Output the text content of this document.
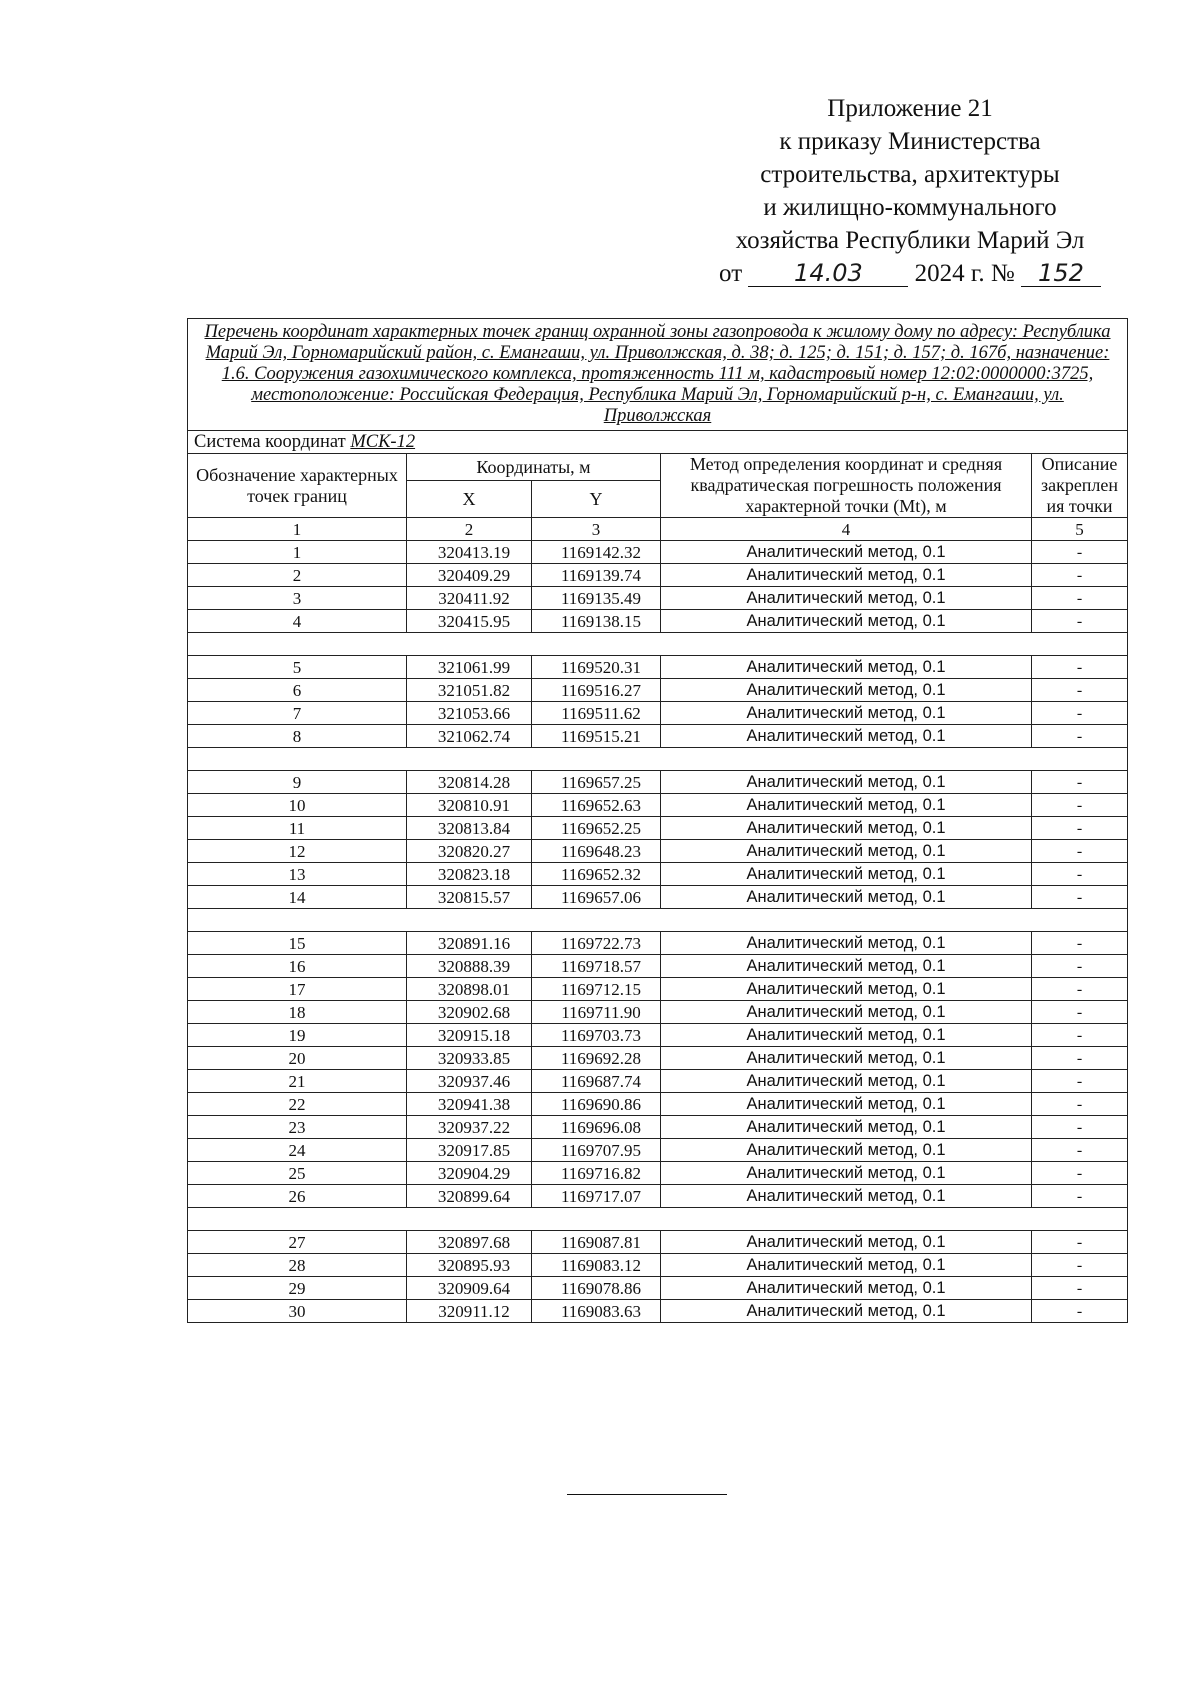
Приложение 21
к приказу Министерства
строительства, архитектуры
и жилищно-коммунального
хозяйства Республики Марий Эл
от 14.03 2024 г. № 152
Перечень координат характерных точек границ охранной зоны газопровода к жилому дому по адресу: Республика Марий Эл, Горномарийский район, с. Емангаши, ул. Приволжская, д. 38; д. 125; д. 151; д. 157; д. 167б, назначение: 1.6. Сооружения газохимического комплекса, протяженность 111 м, кадастровый номер 12:02:0000000:3725, местоположение: Российская Федерация, Республика Марий Эл, Горномарийский р-н, с. Емангаши, ул. Приволжская				
Система координат МСК-12				
Обозначение характерных точек границ	Координаты, м		Метод определения координат и средняя квадратическая погрешность положения характерной точки (Mt), м	Описание закрепления точки
	X	Y		
1	2	3	4	5
1	320413.19	1169142.32	Аналитический метод, 0.1	-
2	320409.29	1169139.74	Аналитический метод, 0.1	-
3	320411.92	1169135.49	Аналитический метод, 0.1	-
4	320415.95	1169138.15	Аналитический метод, 0.1	-

5	321061.99	1169520.31	Аналитический метод, 0.1	-
6	321051.82	1169516.27	Аналитический метод, 0.1	-
7	321053.66	1169511.62	Аналитический метод, 0.1	-
8	321062.74	1169515.21	Аналитический метод, 0.1	-

9	320814.28	1169657.25	Аналитический метод, 0.1	-
10	320810.91	1169652.63	Аналитический метод, 0.1	-
11	320813.84	1169652.25	Аналитический метод, 0.1	-
12	320820.27	1169648.23	Аналитический метод, 0.1	-
13	320823.18	1169652.32	Аналитический метод, 0.1	-
14	320815.57	1169657.06	Аналитический метод, 0.1	-

15	320891.16	1169722.73	Аналитический метод, 0.1	-
16	320888.39	1169718.57	Аналитический метод, 0.1	-
17	320898.01	1169712.15	Аналитический метод, 0.1	-
18	320902.68	1169711.90	Аналитический метод, 0.1	-
19	320915.18	1169703.73	Аналитический метод, 0.1	-
20	320933.85	1169692.28	Аналитический метод, 0.1	-
21	320937.46	1169687.74	Аналитический метод, 0.1	-
22	320941.38	1169690.86	Аналитический метод, 0.1	-
23	320937.22	1169696.08	Аналитический метод, 0.1	-
24	320917.85	1169707.95	Аналитический метод, 0.1	-
25	320904.29	1169716.82	Аналитический метод, 0.1	-
26	320899.64	1169717.07	Аналитический метод, 0.1	-

27	320897.68	1169087.81	Аналитический метод, 0.1	-
28	320895.93	1169083.12	Аналитический метод, 0.1	-
29	320909.64	1169078.86	Аналитический метод, 0.1	-
30	320911.12	1169083.63	Аналитический метод, 0.1	-
